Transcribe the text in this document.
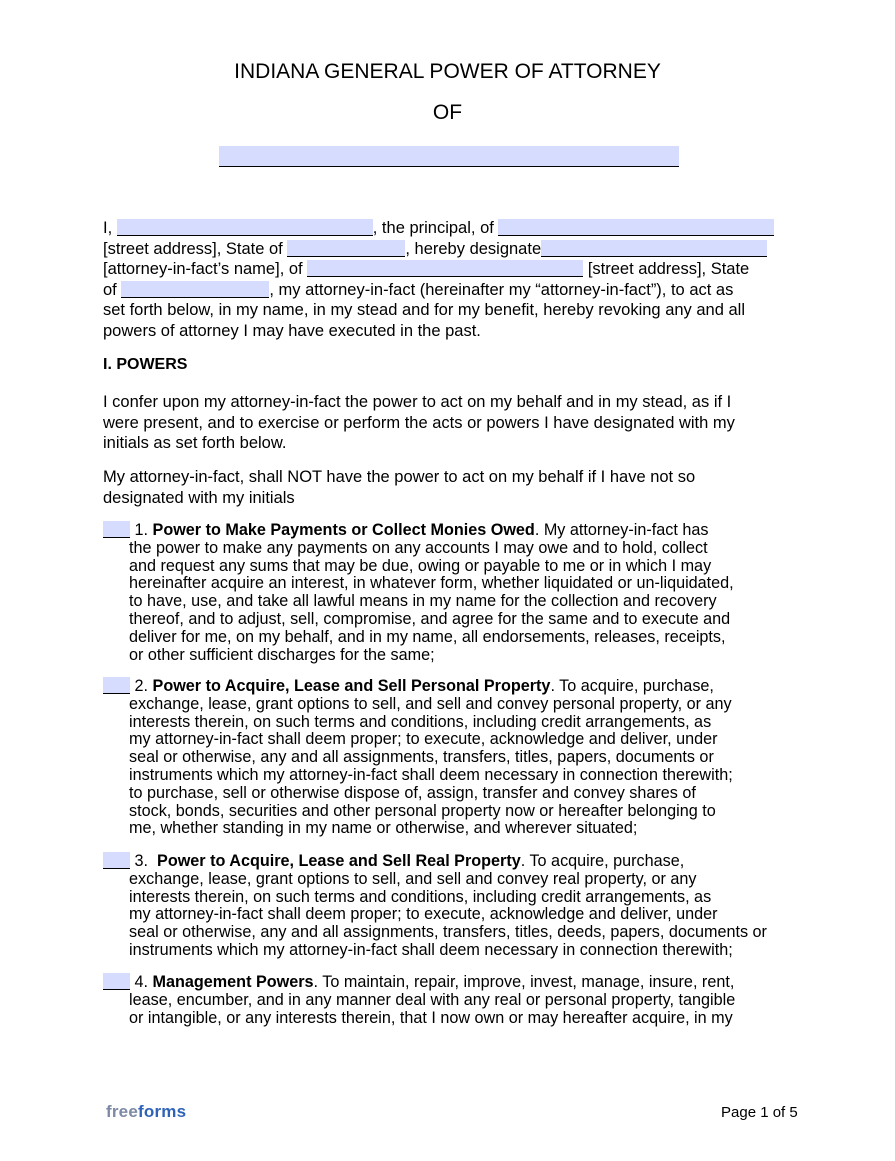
INDIANA GENERAL POWER OF ATTORNEY
OF
I,	, the principal, of
[street address], State of	, hereby designate
[attorney-in-fact’s name], of	[street address], State
of	, my attorney-in-fact (hereinafter my “attorney-in-fact”), to act as
set forth below, in my name, in my stead and for my benefit, hereby revoking any and all
powers of attorney I may have executed in the past.
I. POWERS
I confer upon my attorney-in-fact the power to act on my behalf and in my stead, as if I
were present, and to exercise or perform the acts or powers I have designated with my
initials as set forth below.
My attorney-in-fact, shall NOT have the power to act on my behalf if I have not so
designated with my initials
1. Power to Make Payments or Collect Monies Owed. My attorney-in-fact has
the power to make any payments on any accounts I may owe and to hold, collect
and request any sums that may be due, owing or payable to me or in which I may
hereinafter acquire an interest, in whatever form, whether liquidated or un-liquidated,
to have, use, and take all lawful means in my name for the collection and recovery
thereof, and to adjust, sell, compromise, and agree for the same and to execute and
deliver for me, on my behalf, and in my name, all endorsements, releases, receipts,
or other sufficient discharges for the same;
2. Power to Acquire, Lease and Sell Personal Property. To acquire, purchase,
exchange, lease, grant options to sell, and sell and convey personal property, or any
interests therein, on such terms and conditions, including credit arrangements, as
my attorney-in-fact shall deem proper; to execute, acknowledge and deliver, under
seal or otherwise, any and all assignments, transfers, titles, papers, documents or
instruments which my attorney-in-fact shall deem necessary in connection therewith;
to purchase, sell or otherwise dispose of, assign, transfer and convey shares of
stock, bonds, securities and other personal property now or hereafter belonging to
me, whether standing in my name or otherwise, and wherever situated;
3. Power to Acquire, Lease and Sell Real Property. To acquire, purchase,
exchange, lease, grant options to sell, and sell and convey real property, or any
interests therein, on such terms and conditions, including credit arrangements, as
my attorney-in-fact shall deem proper; to execute, acknowledge and deliver, under
seal or otherwise, any and all assignments, transfers, titles, deeds, papers, documents or
instruments which my attorney-in-fact shall deem necessary in connection therewith;
4. Management Powers. To maintain, repair, improve, invest, manage, insure, rent,
lease, encumber, and in any manner deal with any real or personal property, tangible
or intangible, or any interests therein, that I now own or may hereafter acquire, in my
freeforms	Page 1 of 5
